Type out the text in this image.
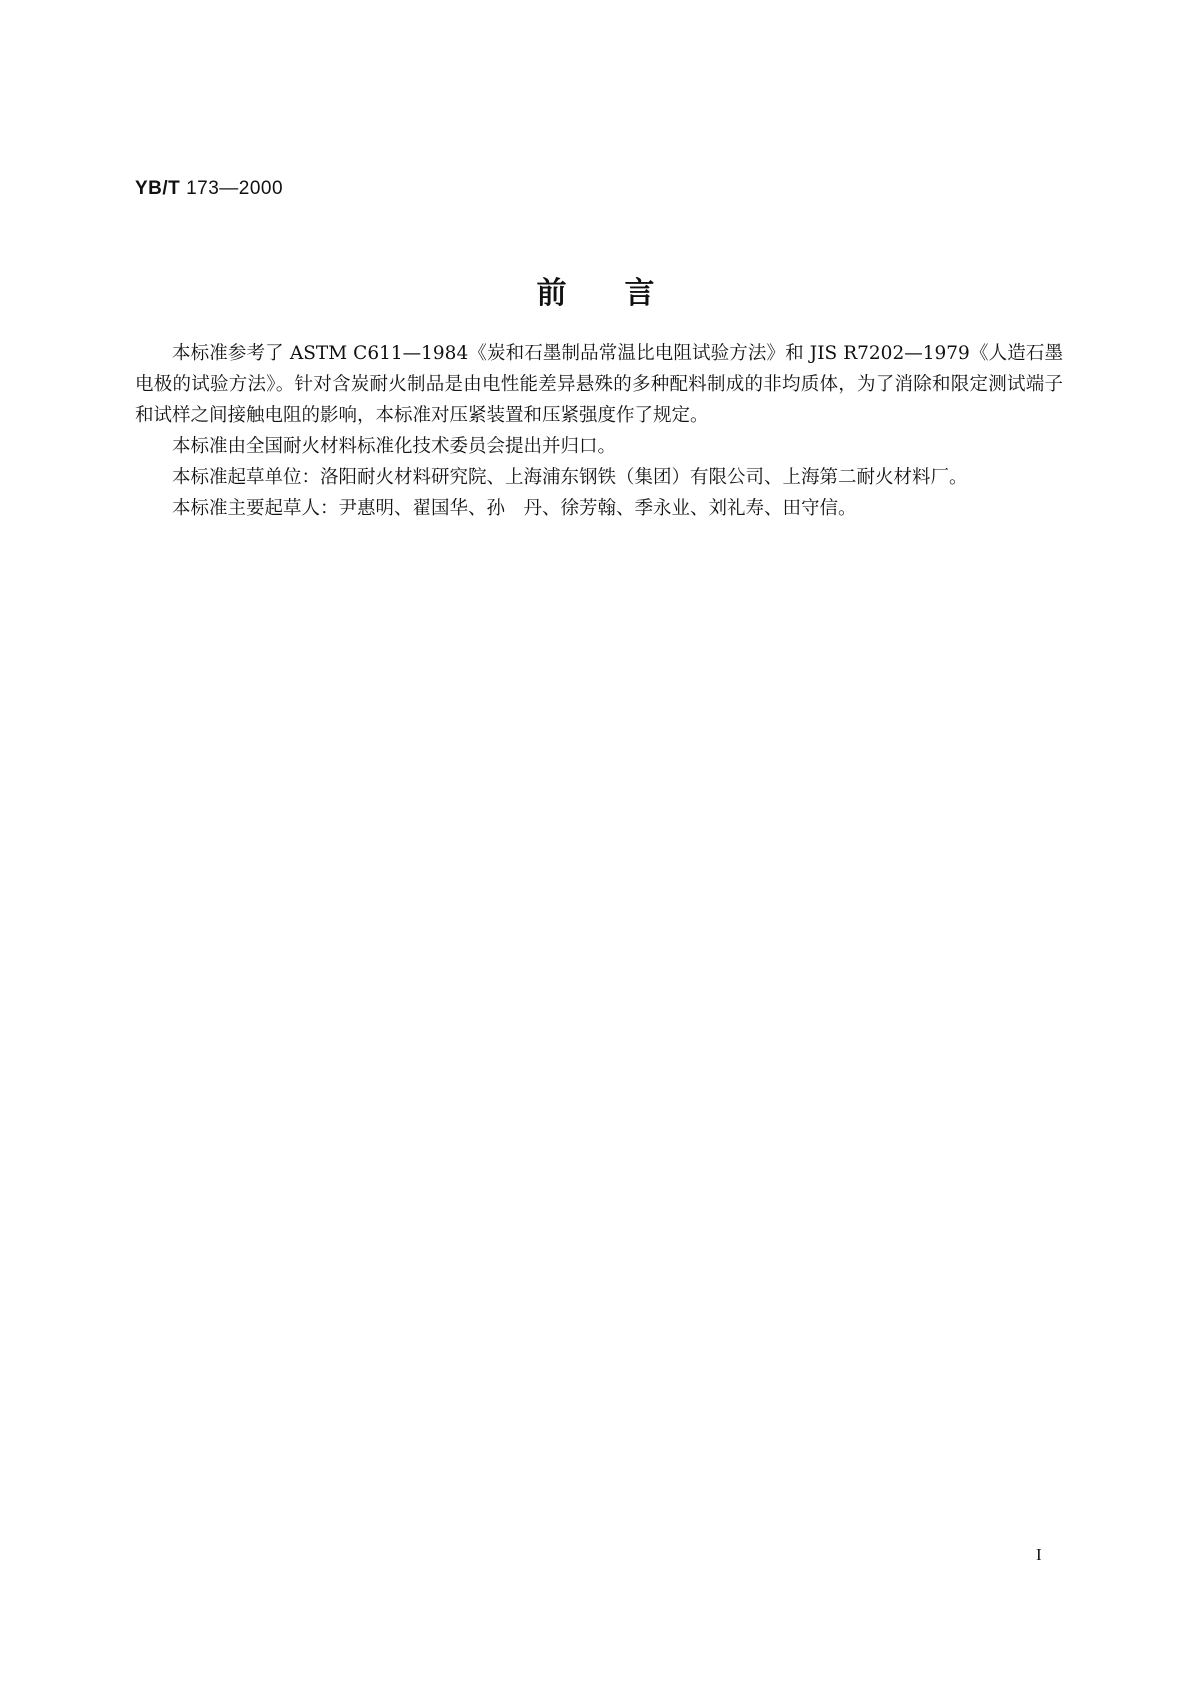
YB/T 173—2000
前言

本标准参考了 ASTM C611—1984《炭和石墨制品常温比电阻试验方法》和 JIS R7202—1979《人造石墨电极的试验方法》。针对含炭耐火制品是由电性能差异悬殊的多种配料制成的非均质体，为了消除和限定测试端子和试样之间接触电阻的影响，本标准对压紧装置和压紧强度作了规定。

本标准由全国耐火材料标准化技术委员会提出并归口。

本标准起草单位：洛阳耐火材料研究院、上海浦东钢铁（集团）有限公司、上海第二耐火材料厂。

本标准主要起草人：尹惠明、翟国华、孙　丹、徐芳翰、季永业、刘礼寿、田守信。

I
